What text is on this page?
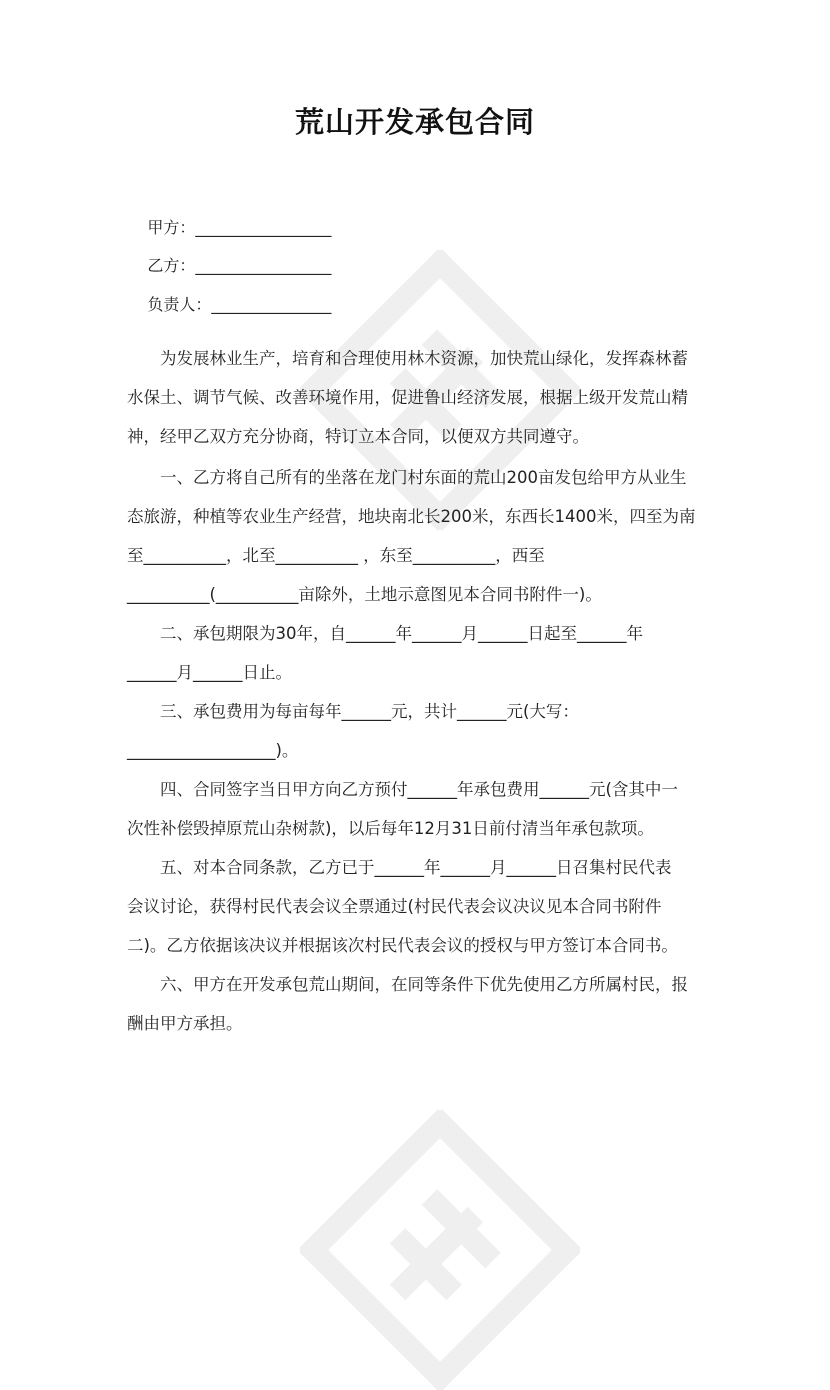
荒山开发承包合同

甲方：_________________

乙方：_________________

负责人：_______________

为发展林业生产，培育和合理使用林木资源，加快荒山绿化，发挥森林蓄
水保土、调节气候、改善环境作用，促进鲁山经济发展，根据上级开发荒山精
神，经甲乙双方充分协商，特订立本合同，以便双方共同遵守。
一、乙方将自己所有的坐落在龙门村东面的荒山200亩发包给甲方从业生
态旅游，种植等农业生产经营，地块南北长200米，东西长1400米，四至为南
至__________，北至__________ ，东至__________，西至
__________(__________亩除外，土地示意图见本合同书附件一)。
二、承包期限为30年，自______年______月______日起至______年
______月______日止。
三、承包费用为每亩每年______元，共计______元(大写：
__________________)。
四、合同签字当日甲方向乙方预付______年承包费用______元(含其中一
次性补偿毁掉原荒山杂树款)，以后每年12月31日前付清当年承包款项。
五、对本合同条款，乙方已于______年______月______日召集村民代表
会议讨论，获得村民代表会议全票通过(村民代表会议决议见本合同书附件
二)。乙方依据该决议并根据该次村民代表会议的授权与甲方签订本合同书。
六、甲方在开发承包荒山期间，在同等条件下优先使用乙方所属村民，报
酬由甲方承担。
